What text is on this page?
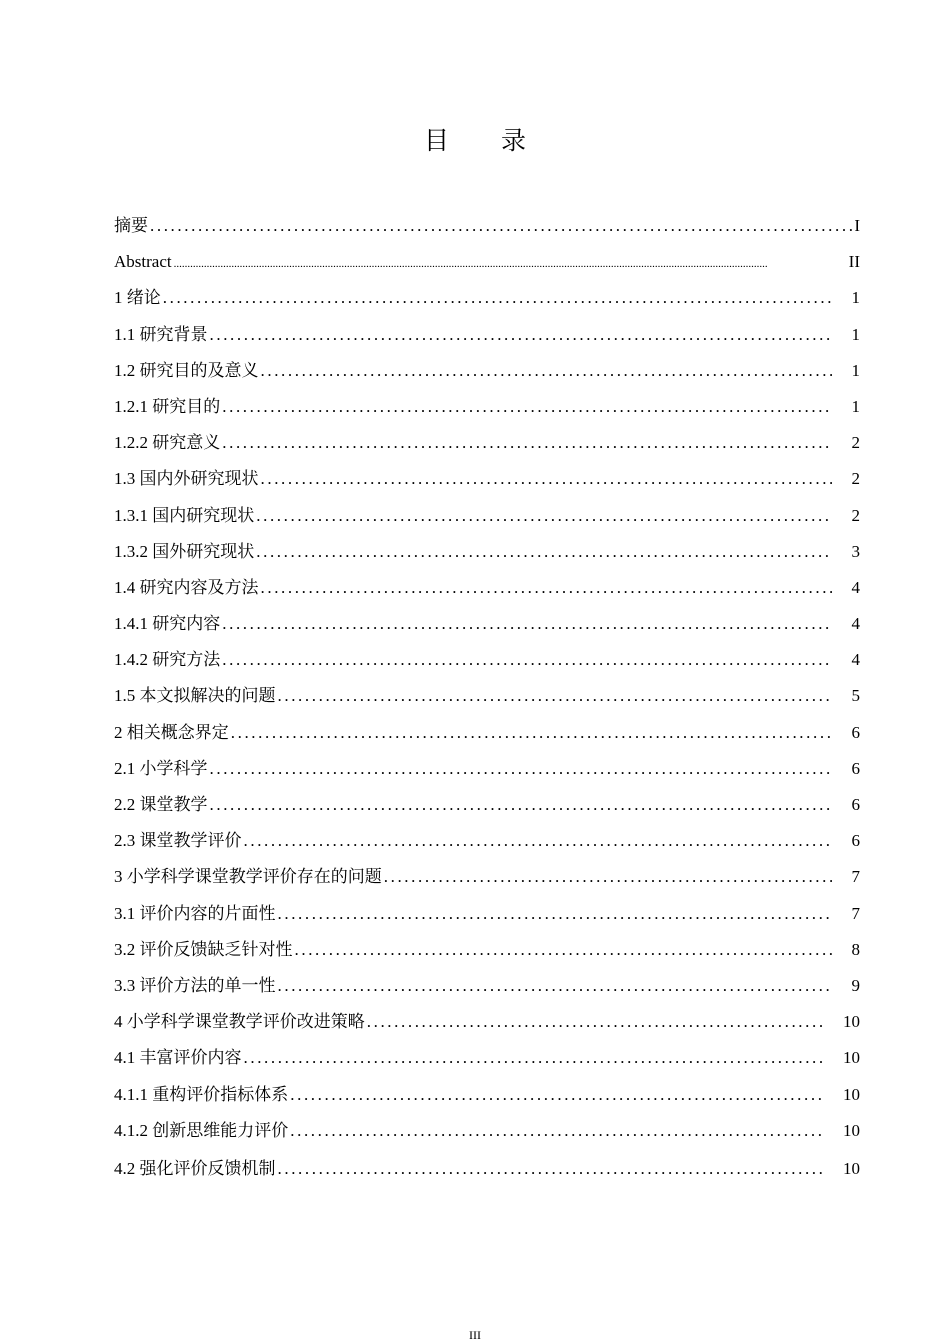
目 录
摘要 .....	I
Abstract .....	II
1 绪论 .....	1
1.1 研究背景 .....	1
1.2 研究目的及意义 .....	1
1.2.1 研究目的 .....	1
1.2.2 研究意义 .....	2
1.3 国内外研究现状 .....	2
1.3.1 国内研究现状 .....	2
1.3.2 国外研究现状 .....	3
1.4 研究内容及方法 .....	4
1.4.1 研究内容 .....	4
1.4.2 研究方法 .....	4
1.5 本文拟解决的问题 .....	5
2 相关概念界定 .....	6
2.1 小学科学 .....	6
2.2 课堂教学 .....	6
2.3 课堂教学评价 .....	6
3 小学科学课堂教学评价存在的问题 .....	7
3.1 评价内容的片面性 .....	7
3.2 评价反馈缺乏针对性 .....	8
3.3 评价方法的单一性 .....	9
4 小学科学课堂教学评价改进策略 .....	10
4.1 丰富评价内容 .....	10
4.1.1 重构评价指标体系 .....	10
4.1.2 创新思维能力评价 .....	10
4.2 强化评价反馈机制 .....	10
III
